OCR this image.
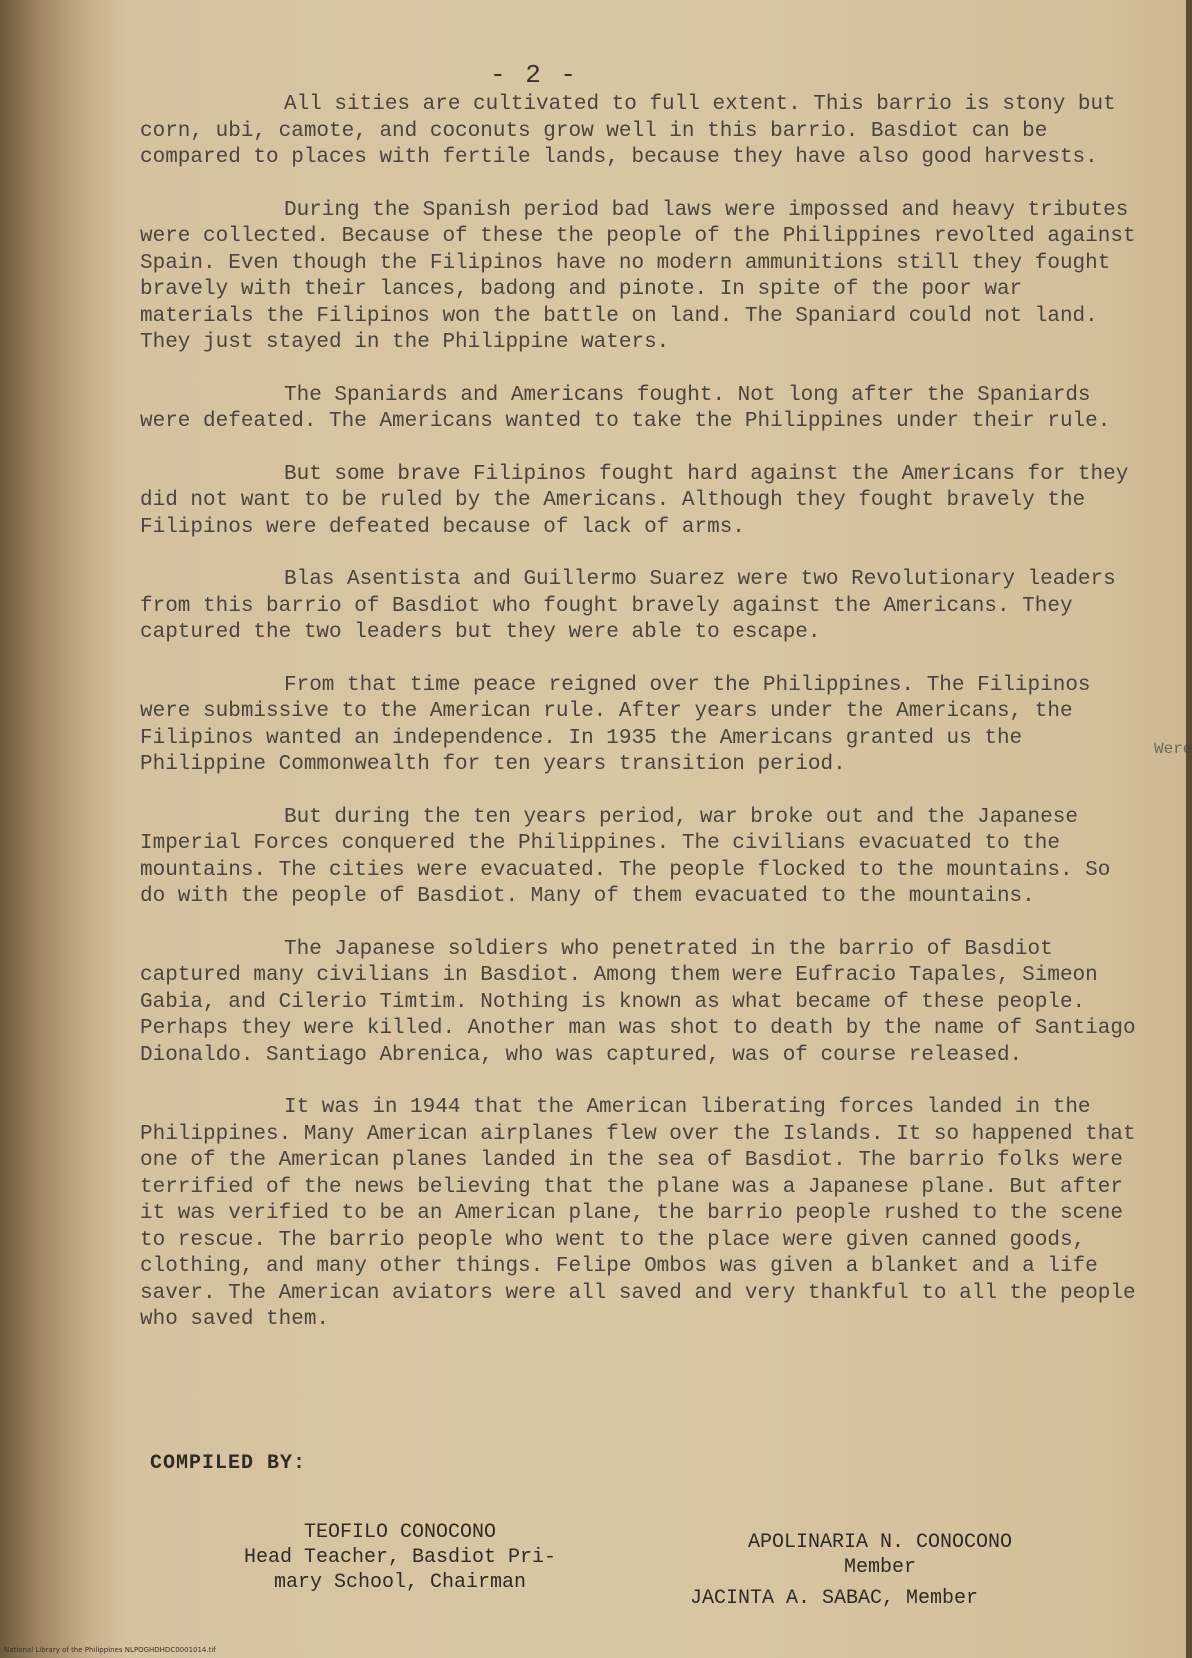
- 2 -

All sities are cultivated to full extent. This barrio is stony but corn, ubi, camote, and coconuts grow well in this barrio. Basdiot can be compared to places with fertile lands, because they have also good harvests.

During the Spanish period bad laws were impossed and heavy tributes were collected. Because of these the people of the Philippines revolted against Spain. Even though the Filipinos have no modern ammunitions still they fought bravely with their lances, badong and pinote. In spite of the poor war materials the Filipinos won the battle on land. The Spaniard could not land. They just stayed in the Philippine waters.

The Spaniards and Americans fought. Not long after the Spaniards were defeated. The Americans wanted to take the Philippines under their rule.

But some brave Filipinos fought hard against the Americans for they did not want to be ruled by the Americans. Although they fought bravely the Filipinos were defeated because of lack of arms.

Blas Asentista and Guillermo Suarez were two Revolutionary leaders from this barrio of Basdiot who fought bravely against the Americans. They captured the two leaders but they were able to escape.

From that time peace reigned over the Philippines. The Filipinos were submissive to the American rule. After years under the Americans, the Filipinos wanted an independence. In 1935 the Americans granted us the Philippine Commonwealth for ten years transition period.

But during the ten years period, war broke out and the Japanese Imperial Forces conquered the Philippines. The civilians evacuated to the mountains. The cities were evacuated. The people flocked to the mountains. So do with the people of Basdiot. Many of them evacuated to the mountains.

The Japanese soldiers who penetrated in the barrio of Basdiot captured many civilians in Basdiot. Among them were Eufracio Tapales, Simeon Gabia, and Cilerio Timtim. Nothing is known as what became of these people. Perhaps they were killed. Another man was shot to death by the name of Santiago Dionaldo. Santiago Abrenica, who was captured, was of course released.

It was in 1944 that the American liberating forces landed in the Philippines. Many American airplanes flew over the Islands. It so happened that one of the American planes landed in the sea of Basdiot. The barrio folks were terrified of the news believing that the plane was a Japanese plane. But after it was verified to be an American plane, the barrio people rushed to the scene to rescue. The barrio people who went to the place were given canned goods, clothing, and many other things. Felipe Ombos was given a blanket and a life saver. The American aviators were all saved and very thankful to all the people who saved them.

Were
COMPILED BY:
TEOFILO CONOCONO
Head Teacher, Basdiot Pri-
mary School, Chairman
APOLINARIA N. CONOCONO
Member
JACINTA A. SABAC, Member
National Library of the Philippines NLPOGHDHDC0001014.tif
